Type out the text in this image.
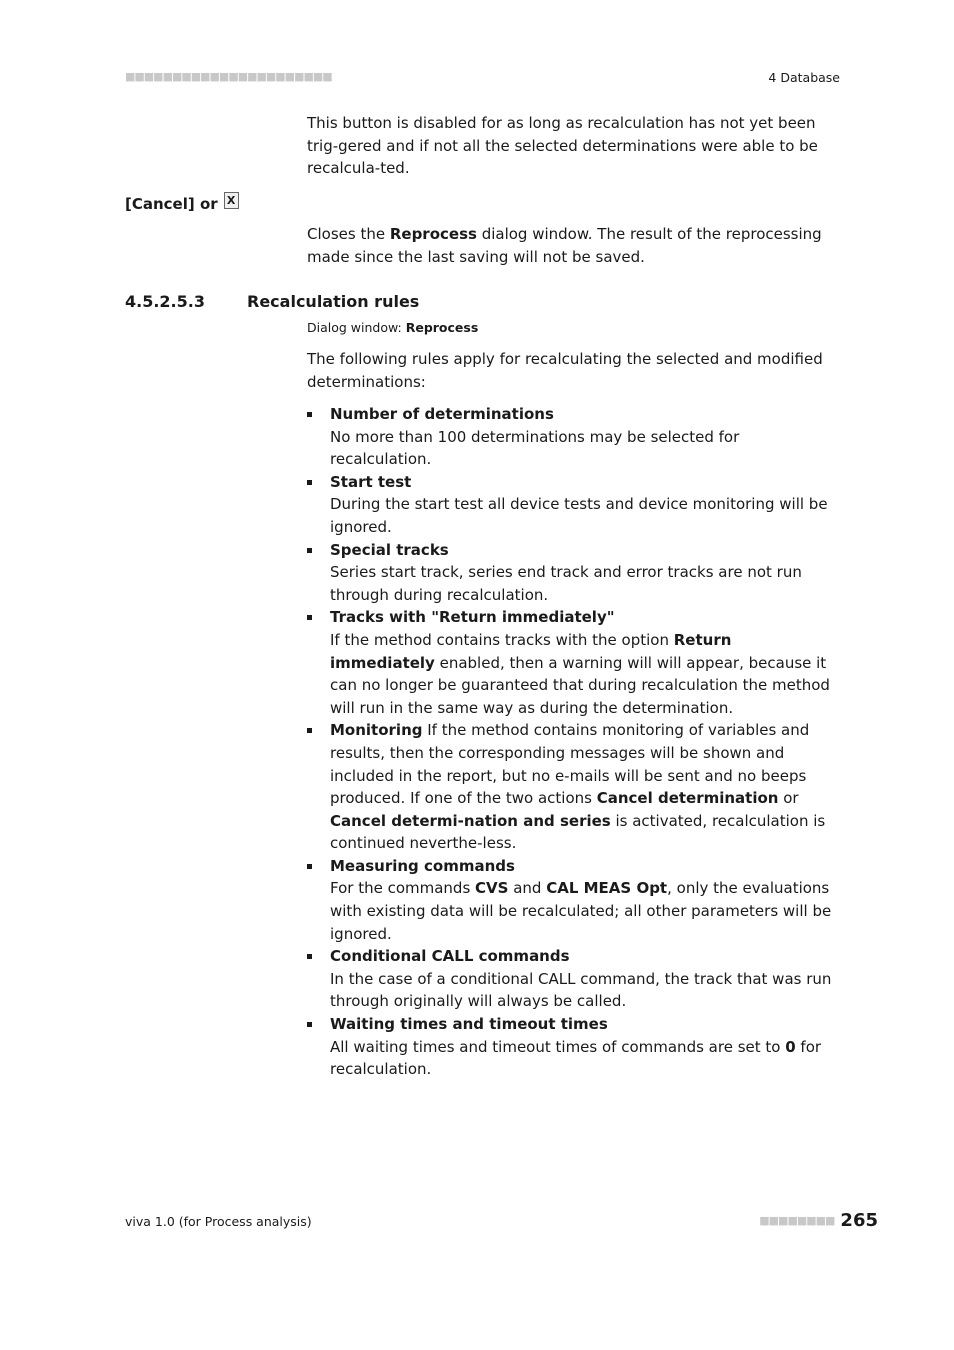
■■■■■■■■■■■■■■■■■■■■■■	4 Database

This button is disabled for as long as recalculation has not yet been trig-gered and if not all the selected determinations were able to be recalcula-ted.

[Cancel] or X

Closes the Reprocess dialog window. The result of the reprocessing made since the last saving will not be saved.

4.5.2.5.3	Recalculation rules
Dialog window: Reprocess

The following rules apply for recalculating the selected and modified determinations:

Number of determinations
No more than 100 determinations may be selected for recalculation.
Start test
During the start test all device tests and device monitoring will be ignored.
Special tracks
Series start track, series end track and error tracks are not run through during recalculation.
Tracks with "Return immediately"
If the method contains tracks with the option Return immediately enabled, then a warning will will appear, because it can no longer be guaranteed that during recalculation the method will run in the same way as during the determination.
Monitoring If the method contains monitoring of variables and results, then the corresponding messages will be shown and included in the report, but no e-mails will be sent and no beeps produced. If one of the two actions Cancel determination or Cancel determi-nation and series is activated, recalculation is continued neverthe-less.
Measuring commands
For the commands CVS and CAL MEAS Opt, only the evaluations with existing data will be recalculated; all other parameters will be ignored.
Conditional CALL commands
In the case of a conditional CALL command, the track that was run through originally will always be called.
Waiting times and timeout times
All waiting times and timeout times of commands are set to 0 for recalculation.
viva 1.0 (for Process analysis)	■■■■■■■■ 265
